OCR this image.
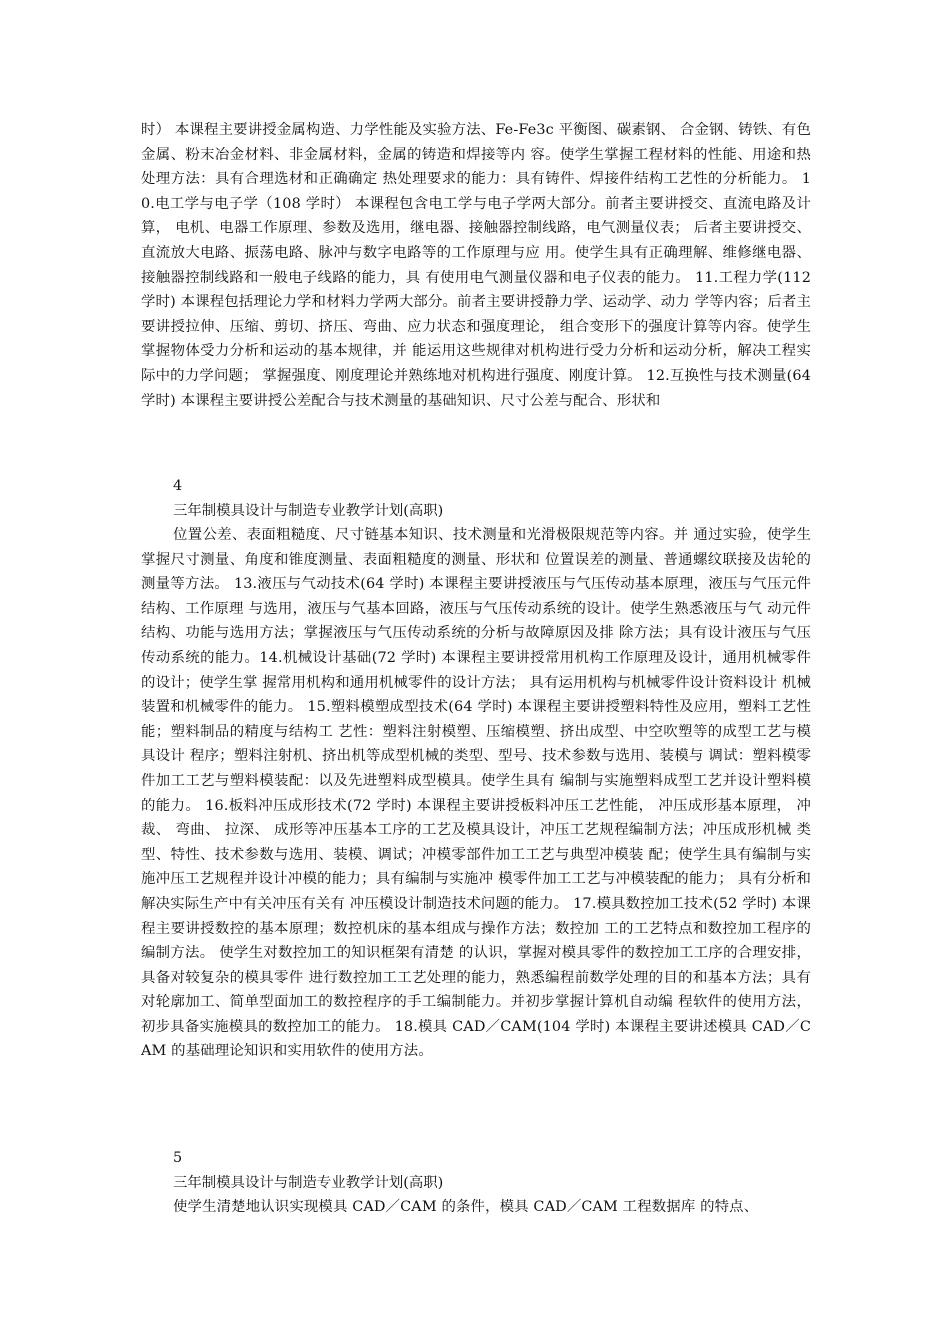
时） 本课程主要讲授金属构造、力学性能及实验方法、Fe-Fe3c 平衡图、碳素钢、 合金钢、铸铁、有色金属、粉末冶金材料、非金属材料，金属的铸造和焊接等内 容。使学生掌握工程材料的性能、用途和热处理方法：具有合理选材和正确确定 热处理要求的能力：具有铸件、焊接件结构工艺性的分析能力。 10.电工学与电子学（108 学时） 本课程包含电工学与电子学两大部分。前者主要讲授交、直流电路及计算， 电机、电器工作原理、参数及选用，继电器、接触器控制线路，电气测量仪表； 后者主要讲授交、直流放大电路、振荡电路、脉冲与数字电路等的工作原理与应 用。使学生具有正确理解、维修继电器、接触器控制线路和一般电子线路的能力，具 有使用电气测量仪器和电子仪表的能力。 11.工程力学(112 学时) 本课程包括理论力学和材料力学两大部分。前者主要讲授静力学、运动学、动力 学等内容；后者主要讲授拉伸、压缩、剪切、挤压、弯曲、应力状态和强度理论， 组合变形下的强度计算等内容。使学生掌握物体受力分析和运动的基本规律，并 能运用这些规律对机构进行受力分析和运动分析，解决工程实际中的力学问题； 掌握强度、刚度理论并熟练地对机构进行强度、刚度计算。 12.互换性与技术测量(64 学时) 本课程主要讲授公差配合与技术测量的基础知识、尺寸公差与配合、形状和

4

三年制模具设计与制造专业教学计划(高职)

位置公差、表面粗糙度、尺寸链基本知识、技术测量和光滑极限规范等内容。并 通过实验，使学生掌握尺寸测量、角度和锥度测量、表面粗糙度的测量、形状和 位置误差的测量、普通螺纹联接及齿轮的测量等方法。 13.液压与气动技术(64 学时) 本课程主要讲授液压与气压传动基本原理，液压与气压元件结构、工作原理 与选用，液压与气基本回路，液压与气压传动系统的设计。使学生熟悉液压与气 动元件结构、功能与选用方法；掌握液压与气压传动系统的分析与故障原因及排 除方法；具有设计液压与气压传动系统的能力。14.机械设计基础(72 学时) 本课程主要讲授常用机构工作原理及设计，通用机械零件的设计；使学生掌 握常用机构和通用机械零件的设计方法； 具有运用机构与机械零件设计资料设计 机械装置和机械零件的能力。 15.塑料模塑成型技术(64 学时) 本课程主要讲授塑料特性及应用，塑料工艺性能；塑料制品的精度与结构工 艺性：塑料注射模塑、压缩模塑、挤出成型、中空吹塑等的成型工艺与模具设计 程序；塑料注射机、挤出机等成型机械的类型、型号、技术参数与选用、装模与 调试：塑料模零件加工工艺与塑料模装配：以及先进塑料成型模具。使学生具有 编制与实施塑料成型工艺并设计塑料模的能力。 16.板料冲压成形技术(72 学时) 本课程主要讲授板料冲压工艺性能， 冲压成形基本原理， 冲裁、 弯曲、 拉深、 成形等冲压基本工序的工艺及模具设计，冲压工艺规程编制方法；冲压成形机械 类型、特性、技术参数与选用、装模、调试；冲模零部件加工工艺与典型冲模装 配；使学生具有编制与实施冲压工艺规程并设计冲模的能力；具有编制与实施冲 模零件加工工艺与冲模装配的能力； 具有分析和解决实际生产中有关冲压有关有 冲压模设计制造技术问题的能力。 17.模具数控加工技术(52 学时) 本课程主要讲授数控的基本原理；数控机床的基本组成与操作方法；数控加 工的工艺特点和数控加工程序的编制方法。 使学生对数控加工的知识框架有清楚 的认识，掌握对模具零件的数控加工工序的合理安排，具备对较复杂的模具零件 进行数控加工工艺处理的能力，熟悉编程前数学处理的目的和基本方法；具有对轮廓加工、简单型面加工的数控程序的手工编制能力。并初步掌握计算机自动编 程软件的使用方法，初步具备实施模具的数控加工的能力。 18.模具 CAD／CAM(104 学时) 本课程主要讲述模具 CAD／CAM 的基础理论知识和实用软件的使用方法。

5

三年制模具设计与制造专业教学计划(高职)

使学生清楚地认识实现模具 CAD／CAM 的条件，模具 CAD／CAM 工程数据库 的特点、
